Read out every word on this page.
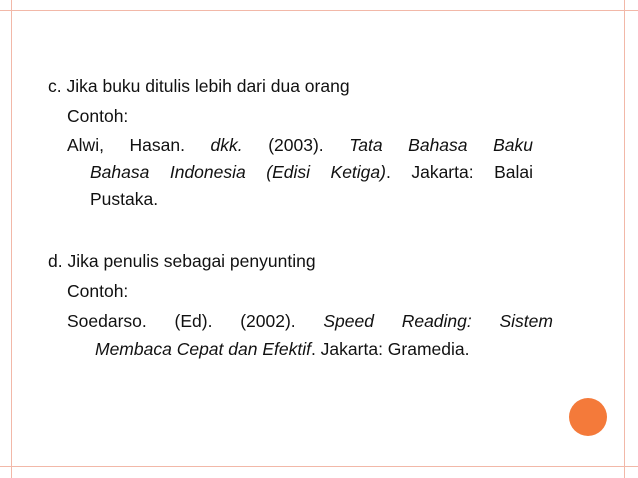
c. Jika buku ditulis lebih dari dua orang
Contoh:
Alwi, Hasan. dkk. (2003). Tata Bahasa Baku
Bahasa Indonesia (Edisi Ketiga). Jakarta: Balai
Pustaka.
d. Jika penulis sebagai penyunting
Contoh:
Soedarso. (Ed). (2002). Speed Reading: Sistem
Membaca Cepat dan Efektif. Jakarta: Gramedia.
